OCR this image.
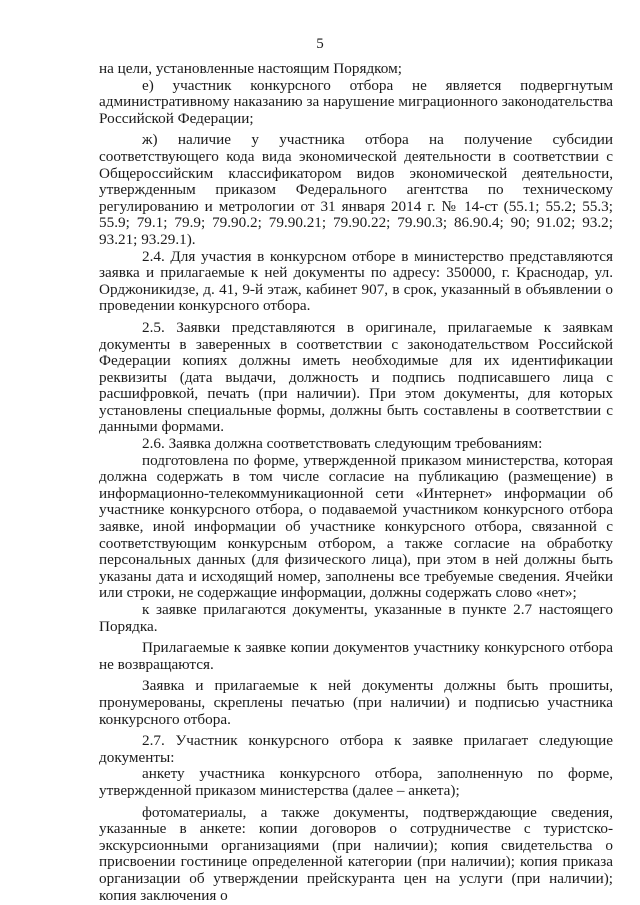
5

на цели, установленные настоящим Порядком;

е) участник конкурсного отбора не является подвергнутым административному наказанию за нарушение миграционного законодательства Российской Федерации;

ж) наличие у участника отбора на получение субсидии соответствующего кода вида экономической деятельности в соответствии с Общероссийским классификатором видов экономической деятельности, утвержденным приказом Федерального агентства по техническому регулированию и метрологии от 31 января 2014 г. № 14-ст (55.1; 55.2; 55.3; 55.9; 79.1; 79.9; 79.90.2; 79.90.21; 79.90.22; 79.90.3; 86.90.4; 90; 91.02; 93.2; 93.21; 93.29.1).

2.4. Для участия в конкурсном отборе в министерство представляются заявка и прилагаемые к ней документы по адресу: 350000, г. Краснодар, ул. Орджоникидзе, д. 41, 9-й этаж, кабинет 907, в срок, указанный в объявлении о проведении конкурсного отбора.

2.5. Заявки представляются в оригинале, прилагаемые к заявкам документы в заверенных в соответствии с законодательством Российской Федерации копиях должны иметь необходимые для их идентификации реквизиты (дата выдачи, должность и подпись подписавшего лица с расшифровкой, печать (при наличии). При этом документы, для которых установлены специальные формы, должны быть составлены в соответствии с данными формами.

2.6. Заявка должна соответствовать следующим требованиям:

подготовлена по форме, утвержденной приказом министерства, которая должна содержать в том числе согласие на публикацию (размещение) в информационно-телекоммуникационной сети «Интернет» информации об участнике конкурсного отбора, о подаваемой участником конкурсного отбора заявке, иной информации об участнике конкурсного отбора, связанной с соответствующим конкурсным отбором, а также согласие на обработку персональных данных (для физического лица), при этом в ней должны быть указаны дата и исходящий номер, заполнены все требуемые сведения. Ячейки или строки, не содержащие информации, должны содержать слово «нет»;

к заявке прилагаются документы, указанные в пункте 2.7 настоящего Порядка.

Прилагаемые к заявке копии документов участнику конкурсного отбора не возвращаются.

Заявка и прилагаемые к ней документы должны быть прошиты, пронумерованы, скреплены печатью (при наличии) и подписью участника конкурсного отбора.

2.7. Участник конкурсного отбора к заявке прилагает следующие документы:

анкету участника конкурсного отбора, заполненную по форме, утвержденной приказом министерства (далее – анкета);

фотоматериалы, а также документы, подтверждающие сведения, указанные в анкете: копии договоров о сотрудничестве с туристско-экскурсионными организациями (при наличии); копия свидетельства о присвоении гостинице определенной категории (при наличии); копия приказа организации об утверждении прейскуранта цен на услуги (при наличии); копия заключения о
